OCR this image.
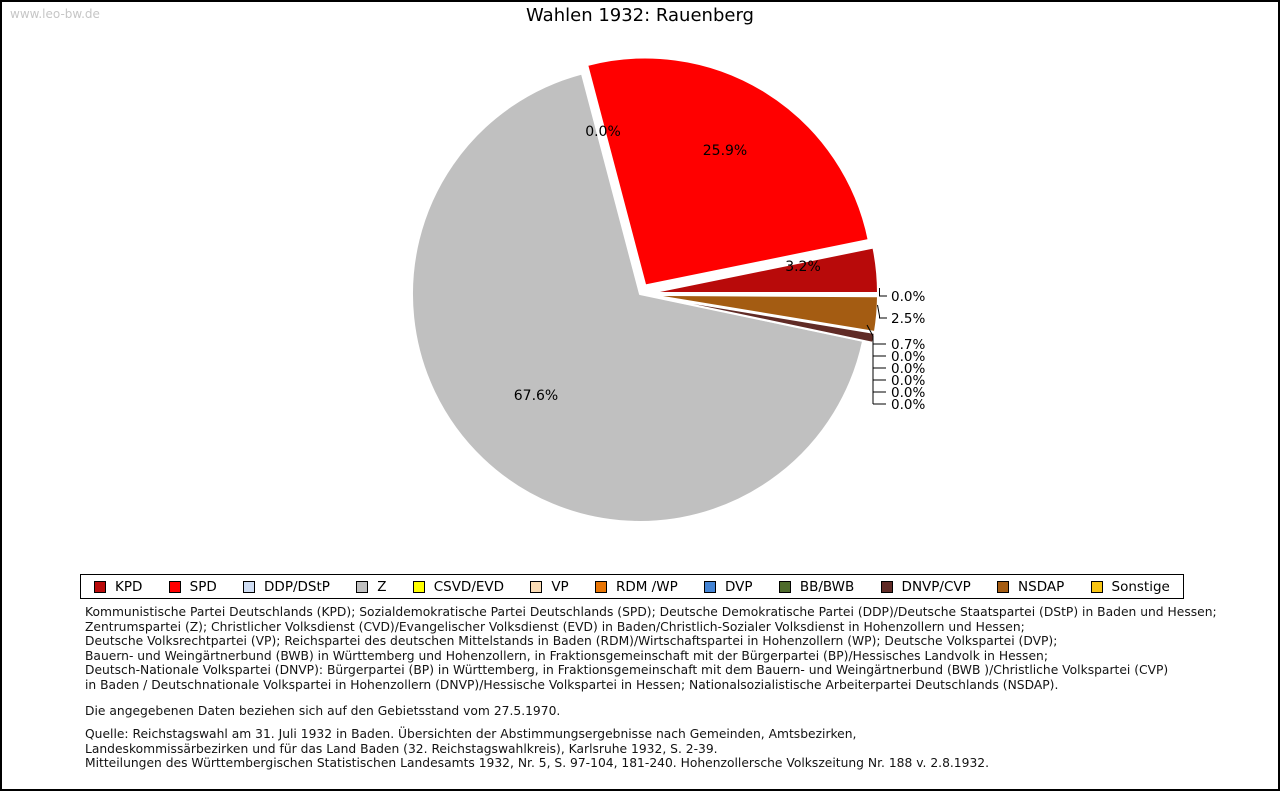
www.leo-bw.de	Wahlen 1932: Rauenberg
0.0%
25.9%
3.2%
67.6%
0.0%
2.5%
0.7%
0.0%
0.0%
0.0%
0.0%
0.0%
KPD	SPD	DDP/DStP	Z	CSVD/EVD	VP	RDM /WP	DVP	BB/BWB	DNVP/CVP	NSDAP	Sonstige
Kommunistische Partei Deutschlands (KPD); Sozialdemokratische Partei Deutschlands (SPD); Deutsche Demokratische Partei (DDP)/Deutsche Staatspartei (DStP) in Baden und Hessen;
Zentrumspartei (Z); Christlicher Volksdienst (CVD)/Evangelischer Volksdienst (EVD) in Baden/Christlich-Sozialer Volksdienst in Hohenzollern und Hessen;
Deutsche Volksrechtpartei (VP); Reichspartei des deutschen Mittelstands in Baden (RDM)/Wirtschaftspartei in Hohenzollern (WP); Deutsche Volkspartei (DVP);
Bauern- und Weingärtnerbund (BWB) in Württemberg und Hohenzollern, in Fraktionsgemeinschaft mit der Bürgerpartei (BP)/Hessisches Landvolk in Hessen;
Deutsch-Nationale Volkspartei (DNVP): Bürgerpartei (BP) in Württemberg, in Fraktionsgemeinschaft mit dem Bauern- und Weingärtnerbund (BWB )/Christliche Volkspartei (CVP)
in Baden / Deutschnationale Volkspartei in Hohenzollern (DNVP)/Hessische Volkspartei in Hessen; Nationalsozialistische Arbeiterpartei Deutschlands (NSDAP).
Die angegebenen Daten beziehen sich auf den Gebietsstand vom 27.5.1970.
Quelle: Reichstagswahl am 31. Juli 1932 in Baden. Übersichten der Abstimmungsergebnisse nach Gemeinden, Amtsbezirken,
Landeskommissärbezirken und für das Land Baden (32. Reichstagswahlkreis), Karlsruhe 1932, S. 2-39.
Mitteilungen des Württembergischen Statistischen Landesamts 1932, Nr. 5, S. 97-104, 181-240. Hohenzollersche Volkszeitung Nr. 188 v. 2.8.1932.
